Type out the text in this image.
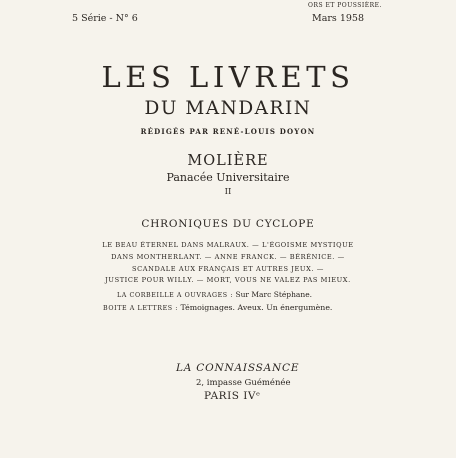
ORS ET POUSSIÈRE.
5 Série - N° 6	Mars 1958
LES LIVRETS
DU MANDARIN
RÉDIGÉS PAR RENÉ-LOUIS DOYON
MOLIÈRE
Panacée Universitaire
II
CHRONIQUES DU CYCLOPE
LE BEAU ÉTERNEL DANS MALRAUX. — L'ÉGOISME MYSTIQUE
DANS MONTHERLANT. — ANNE FRANCK. — BÉRÉNICE. —
SCANDALE AUX FRANÇAIS ET AUTRES JEUX. —
JUSTICE POUR WILLY. — MORT, VOUS NE VALEZ PAS MIEUX.
LA CORBEILLE A OUVRAGES : Sur Marc Stéphane.
BOITE A LETTRES : Témoignages. Aveux. Un énergumène.
LA CONNAISSANCE
2, impasse Guéménée
PARIS IVᵉ
